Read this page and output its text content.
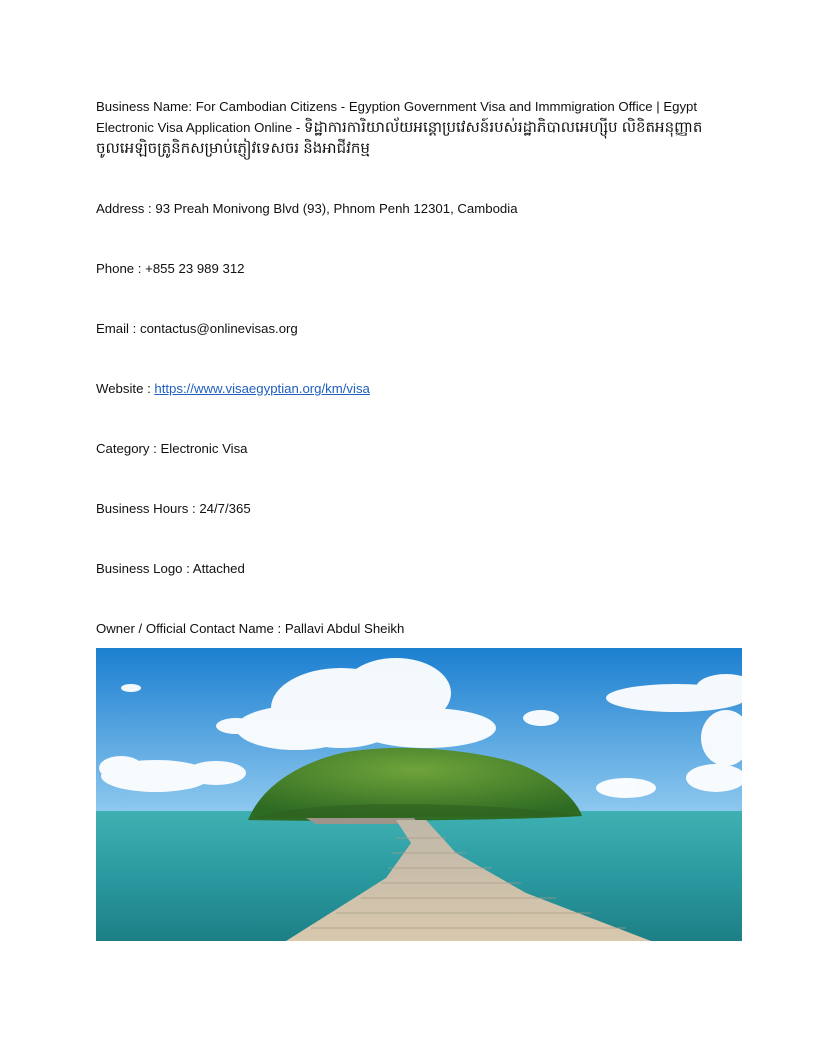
Business Name: For Cambodian Citizens - Egyption Government Visa and Immmigration Office | Egypt Electronic Visa Application Online - ទិដ្ឋាការការិយាល័យអន្តោប្រវេសន៍របស់រដ្ឋាភិបាលអេហ្ស៊ីប លិខិតអនុញ្ញាតចូលអេឡិចត្រូនិកសម្រាប់ភ្ញៀវទេសចរ និងអាជីវកម្ម
Address : 93 Preah Monivong Blvd (93), Phnom Penh 12301, Cambodia
Phone : +855 23 989 312
Email : contactus@onlinevisas.org
Website : https://www.visaegyptian.org/km/visa
Category : Electronic Visa
Business Hours : 24/7/365
Business Logo : Attached
Owner / Official Contact Name : Pallavi Abdul Sheikh
